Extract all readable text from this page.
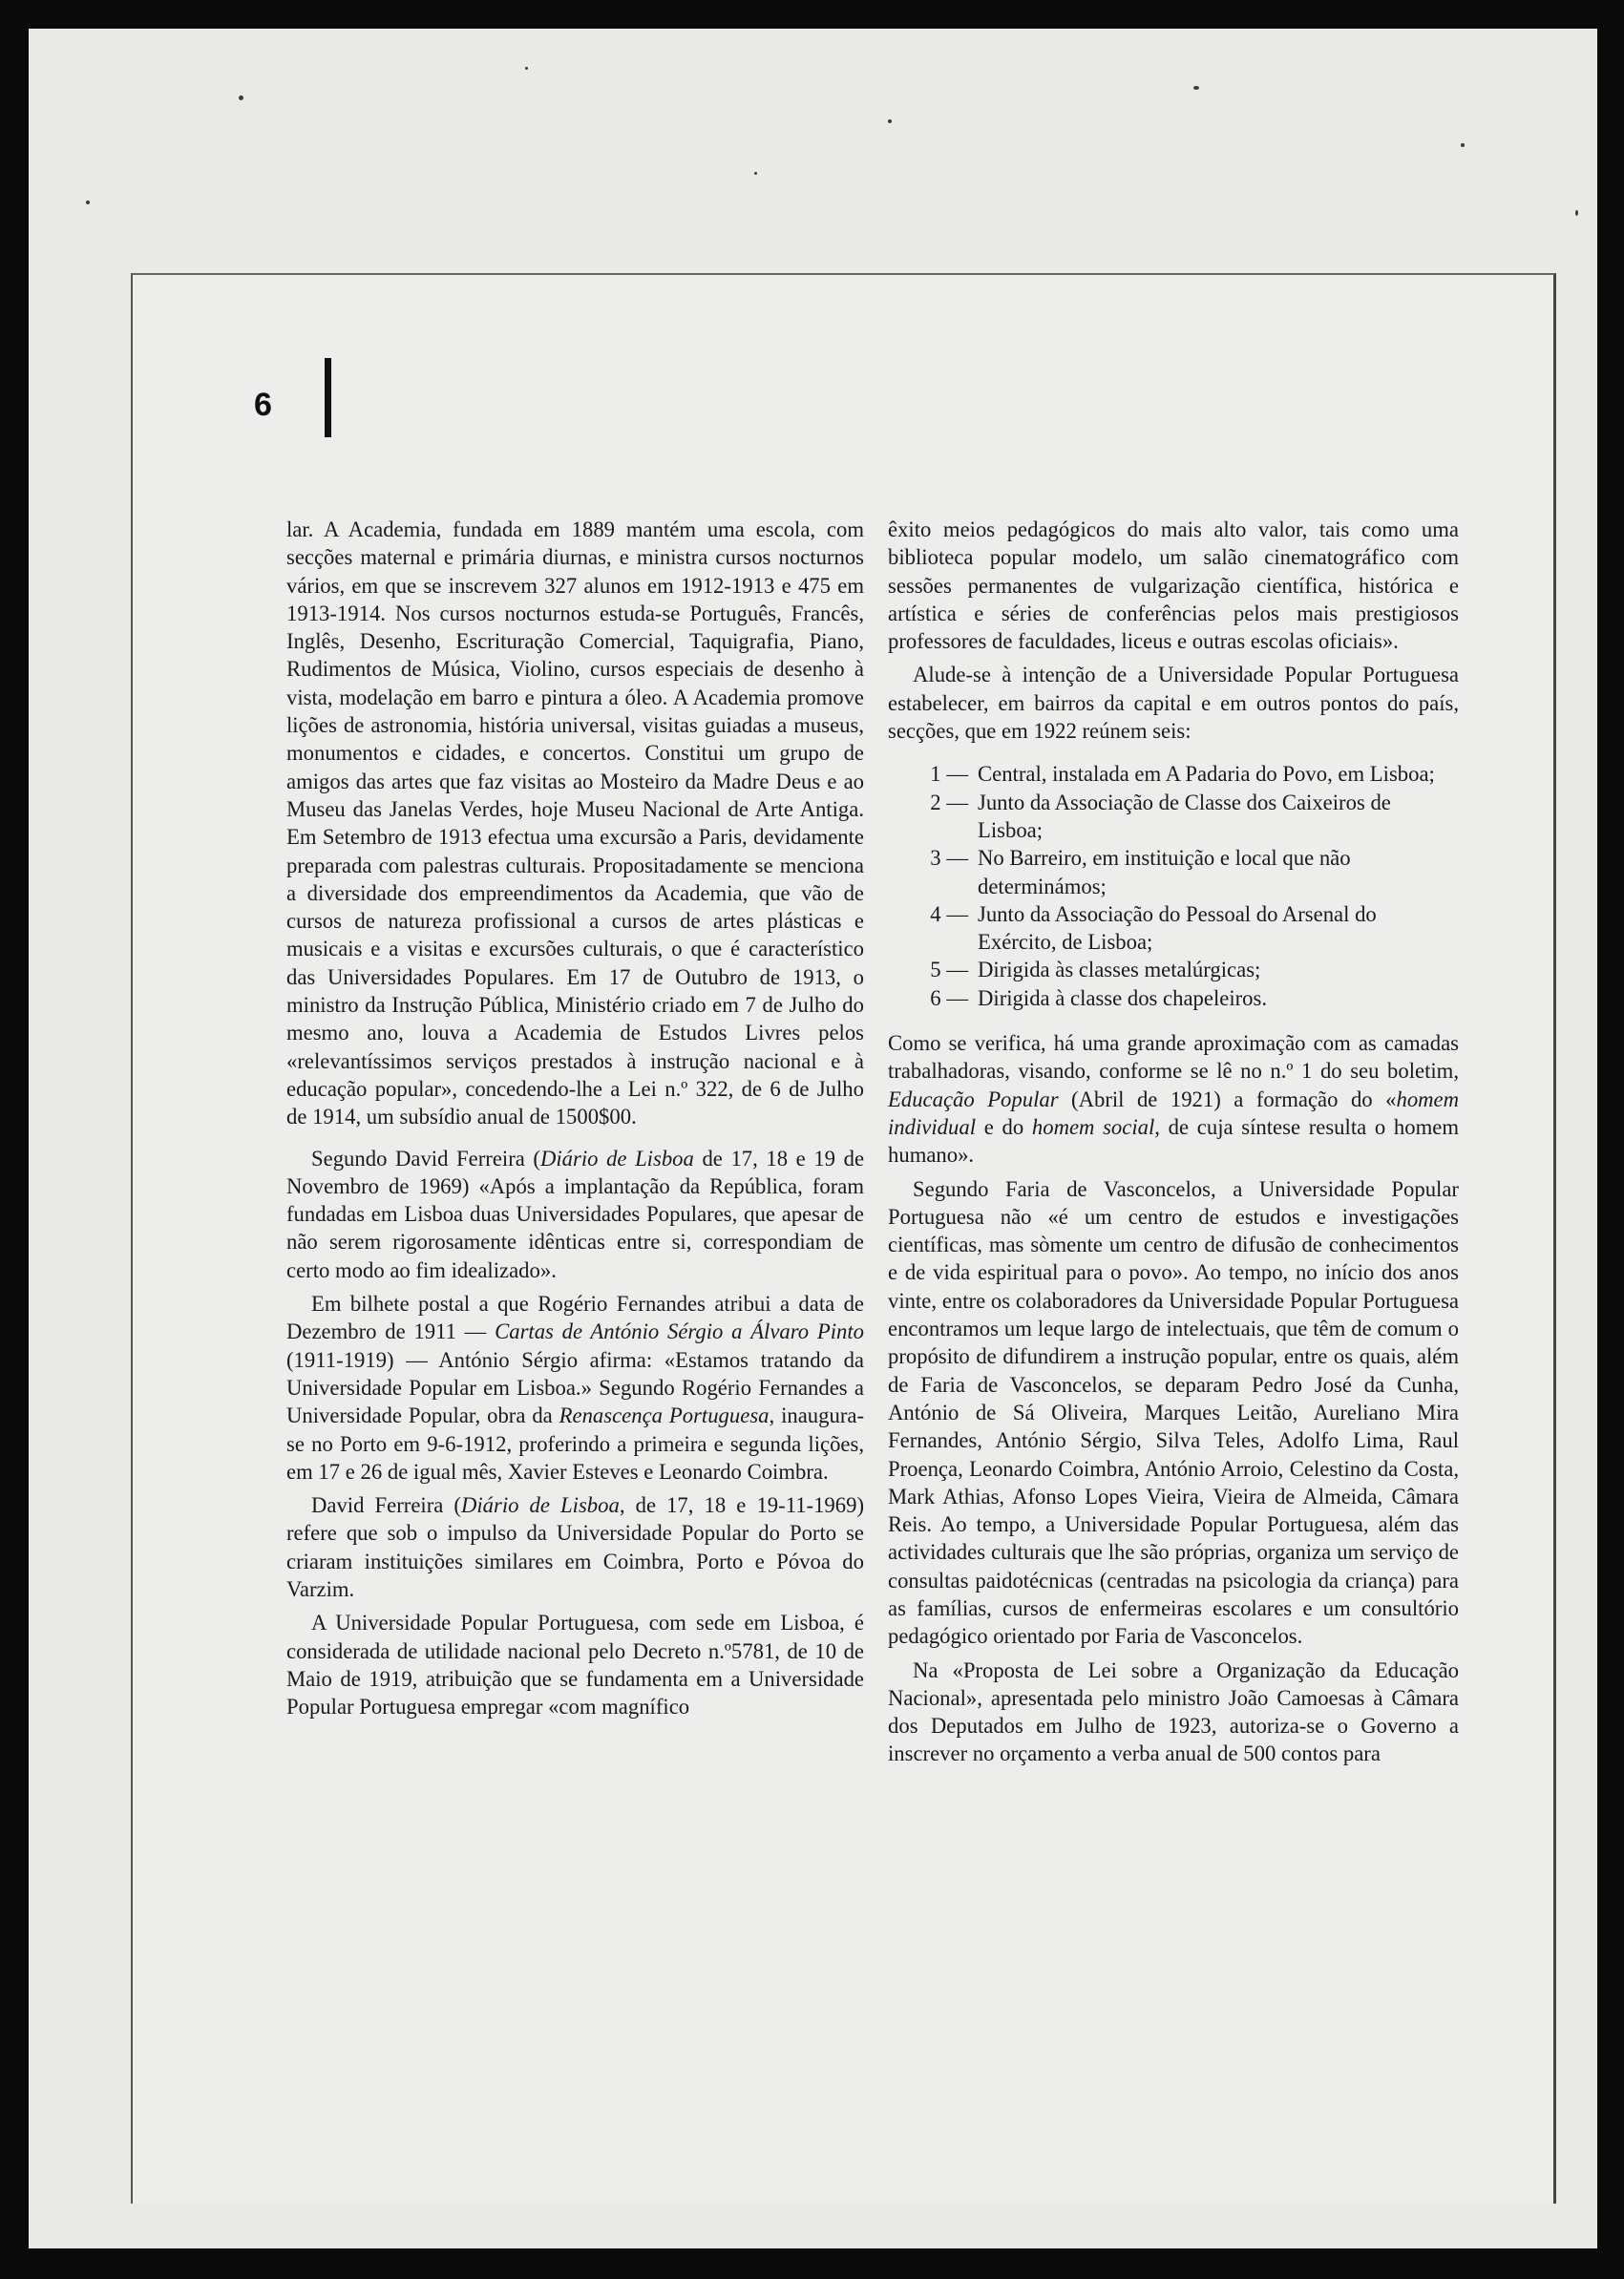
6

lar. A Academia, fundada em 1889 mantém uma escola, com secções maternal e primária diurnas, e ministra cursos nocturnos vários, em que se inscrevem 327 alunos em 1912-1913 e 475 em 1913-1914. Nos cursos nocturnos estuda-se Português, Francês, Inglês, Desenho, Escrituração Comercial, Taquigrafia, Piano, Rudimentos de Música, Violino, cursos especiais de desenho à vista, modelação em barro e pintura a óleo. A Academia promove lições de astronomia, história universal, visitas guiadas a museus, monumentos e cidades, e concertos. Constitui um grupo de amigos das artes que faz visitas ao Mosteiro da Madre Deus e ao Museu das Janelas Verdes, hoje Museu Nacional de Arte Antiga. Em Setembro de 1913 efectua uma excursão a Paris, devidamente preparada com palestras culturais. Propositadamente se menciona a diversidade dos empreendimentos da Academia, que vão de cursos de natureza profissional a cursos de artes plásticas e musicais e a visitas e excursões culturais, o que é característico das Universidades Populares. Em 17 de Outubro de 1913, o ministro da Instrução Pública, Ministério criado em 7 de Julho do mesmo ano, louva a Academia de Estudos Livres pelos «relevantíssimos serviços prestados à instrução nacional e à educação popular», concedendo-lhe a Lei n.º 322, de 6 de Julho de 1914, um subsídio anual de 1500$00.

Segundo David Ferreira (Diário de Lisboa de 17, 18 e 19 de Novembro de 1969) «Após a implantação da República, foram fundadas em Lisboa duas Universidades Populares, que apesar de não serem rigorosamente idênticas entre si, correspondiam de certo modo ao fim idealizado».

Em bilhete postal a que Rogério Fernandes atribui a data de Dezembro de 1911 — Cartas de António Sérgio a Álvaro Pinto (1911-1919) — António Sérgio afirma: «Estamos tratando da Universidade Popular em Lisboa.» Segundo Rogério Fernandes a Universidade Popular, obra da Renascença Portuguesa, inaugura-se no Porto em 9-6-1912, proferindo a primeira e segunda lições, em 17 e 26 de igual mês, Xavier Esteves e Leonardo Coimbra.

David Ferreira (Diário de Lisboa, de 17, 18 e 19-11-1969) refere que sob o impulso da Universidade Popular do Porto se criaram instituições similares em Coimbra, Porto e Póvoa do Varzim.

A Universidade Popular Portuguesa, com sede em Lisboa, é considerada de utilidade nacional pelo Decreto n.º5781, de 10 de Maio de 1919, atribuição que se fundamenta em a Universidade Popular Portuguesa empregar «com magnífico

êxito meios pedagógicos do mais alto valor, tais como uma biblioteca popular modelo, um salão cinematográfico com sessões permanentes de vulgarização científica, histórica e artística e séries de conferências pelos mais prestigiosos professores de faculdades, liceus e outras escolas oficiais».

Alude-se à intenção de a Universidade Popular Portuguesa estabelecer, em bairros da capital e em outros pontos do país, secções, que em 1922 reúnem seis:

1 — Central, instalada em A Padaria do Povo, em Lisboa;
2 — Junto da Associação de Classe dos Caixeiros de Lisboa;
3 — No Barreiro, em instituição e local que não determinámos;
4 — Junto da Associação do Pessoal do Arsenal do Exército, de Lisboa;
5 — Dirigida às classes metalúrgicas;
6 — Dirigida à classe dos chapeleiros.

Como se verifica, há uma grande aproximação com as camadas trabalhadoras, visando, conforme se lê no n.º 1 do seu boletim, Educação Popular (Abril de 1921) a formação do «homem individual e do homem social, de cuja síntese resulta o homem humano».

Segundo Faria de Vasconcelos, a Universidade Popular Portuguesa não «é um centro de estudos e investigações científicas, mas sòmente um centro de difusão de conhecimentos e de vida espiritual para o povo». Ao tempo, no início dos anos vinte, entre os colaboradores da Universidade Popular Portuguesa encontramos um leque largo de intelectuais, que têm de comum o propósito de difundirem a instrução popular, entre os quais, além de Faria de Vasconcelos, se deparam Pedro José da Cunha, António de Sá Oliveira, Marques Leitão, Aureliano Mira Fernandes, António Sérgio, Silva Teles, Adolfo Lima, Raul Proença, Leonardo Coimbra, António Arroio, Celestino da Costa, Mark Athias, Afonso Lopes Vieira, Vieira de Almeida, Câmara Reis. Ao tempo, a Universidade Popular Portuguesa, além das actividades culturais que lhe são próprias, organiza um serviço de consultas paidotécnicas (centradas na psicologia da criança) para as famílias, cursos de enfermeiras escolares e um consultório pedagógico orientado por Faria de Vasconcelos.

Na «Proposta de Lei sobre a Organização da Educação Nacional», apresentada pelo ministro João Camoesas à Câmara dos Deputados em Julho de 1923, autoriza-se o Governo a inscrever no orçamento a verba anual de 500 contos para
